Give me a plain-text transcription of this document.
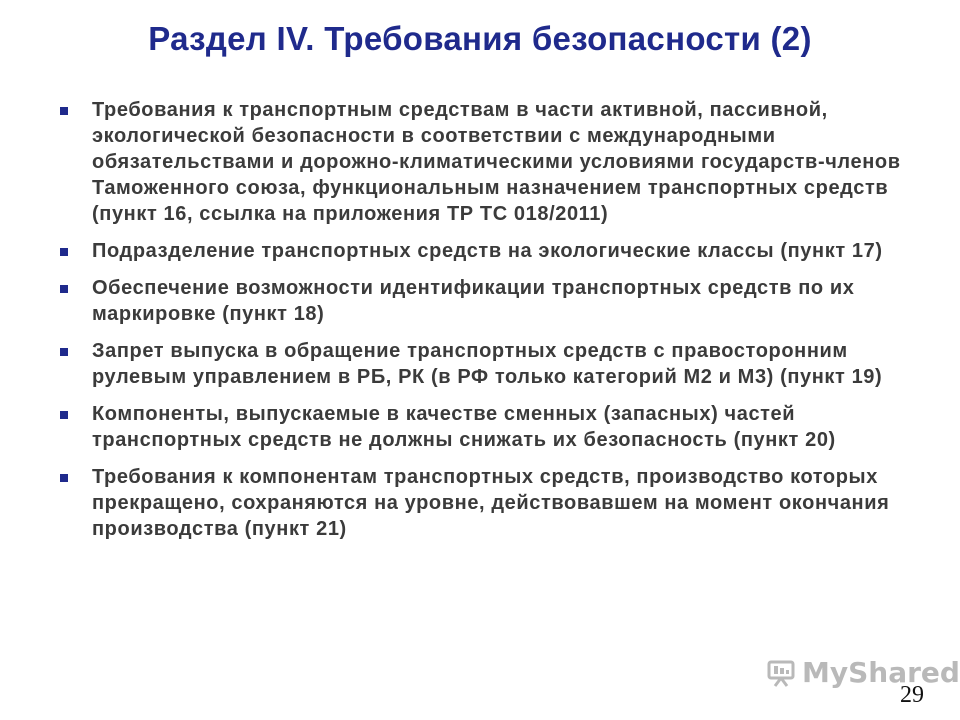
Раздел IV. Требования безопасности (2)
Требования к транспортным средствам в части активной, пассивной, экологической безопасности в соответствии с международными обязательствами и дорожно-климатическими условиями государств-членов Таможенного союза, функциональным назначением транспортных средств (пункт 16, ссылка на приложения ТР ТС 018/2011)
Подразделение транспортных средств на экологические классы (пункт 17)
Обеспечение возможности идентификации транспортных средств по их маркировке (пункт 18)
Запрет выпуска в обращение транспортных средств с правосторонним рулевым управлением в РБ, РК (в РФ только категорий М2 и М3) (пункт 19)
Компоненты, выпускаемые в качестве сменных (запасных) частей транспортных средств не должны снижать их безопасность (пункт 20)
Требования к компонентам транспортных средств, производство которых прекращено, сохраняются на уровне, действовавшем на момент окончания производства (пункт 21)
MyShared
29
